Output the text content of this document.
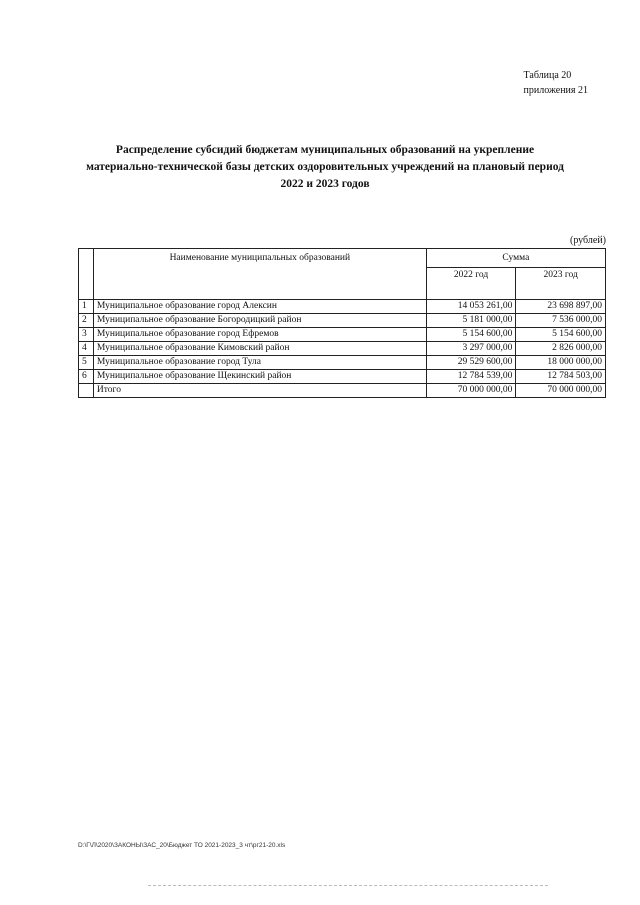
Таблица 20
приложения 21
Распределение субсидий бюджетам муниципальных образований на укрепление
материально-технической базы детских оздоровительных учреждений на плановый период
2022 и 2023 годов
(рублей)
	Наименование муниципальных образований	Сумма	
		2022 год	2023 год
1	Муниципальное образование город Алексин	14 053 261,00	23 698 897,00
2	Муниципальное образование Богородицкий район	5 181 000,00	7 536 000,00
3	Муниципальное образование город Ефремов	5 154 600,00	5 154 600,00
4	Муниципальное образование Кимовский район	3 297 000,00	2 826 000,00
5	Муниципальное образование город Тула	29 529 600,00	18 000 000,00
6	Муниципальное образование Щекинский район	12 784 539,00	12 784 503,00
	Итого	70 000 000,00	70 000 000,00
D:\Г\Л\2020\ЗАКОНЫ\ЗАС_20\Бюджет ТО 2021-2023_3 чт\рг21-20.xls
